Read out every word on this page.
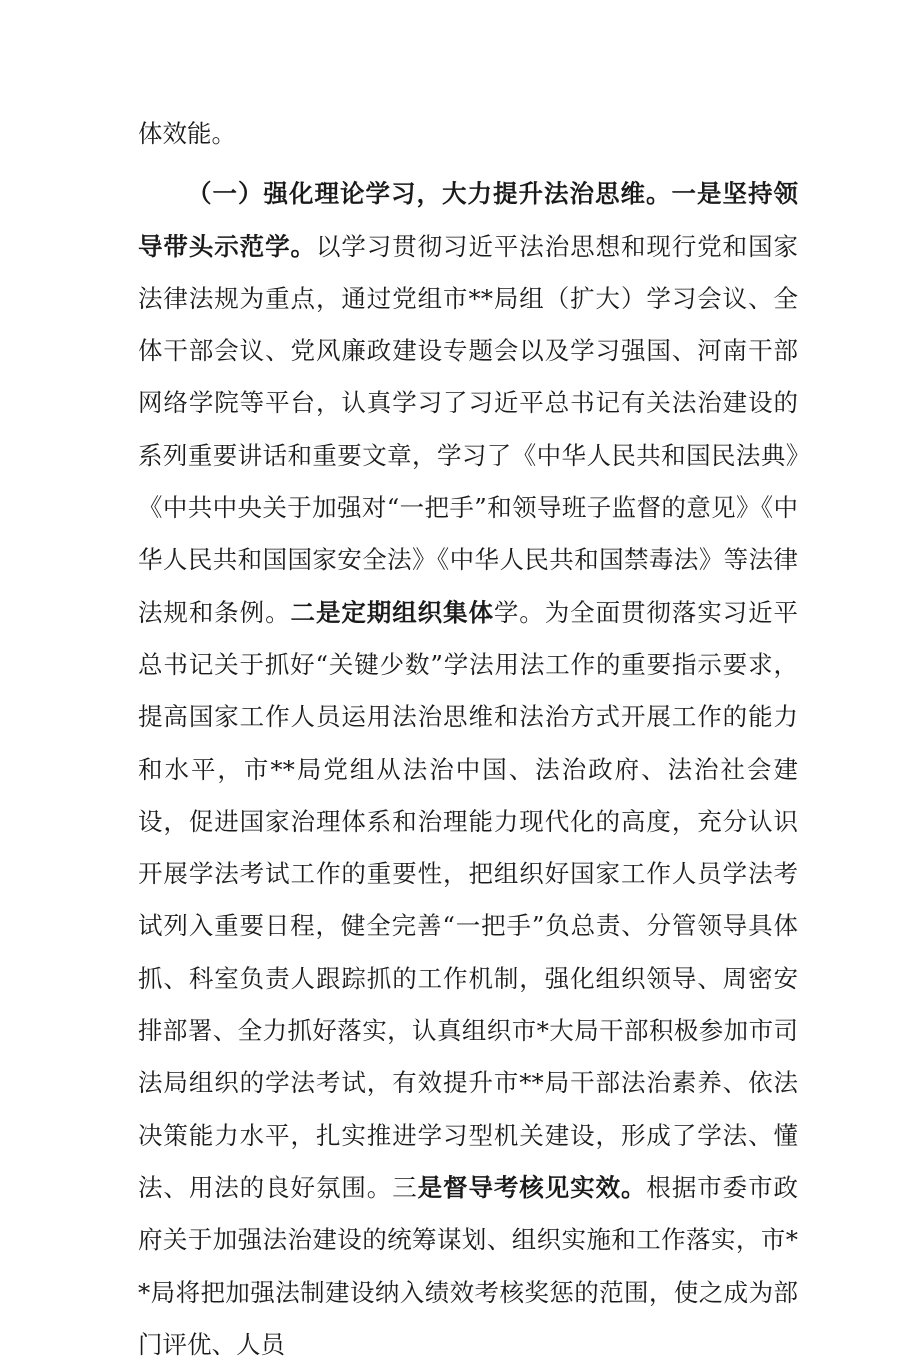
体效能。

（一）强化理论学习，大力提升法治思维。一是坚持领导带头示范学。以学习贯彻习近平法治思想和现行党和国家法律法规为重点，通过党组市**局组（扩大）学习会议、全体干部会议、党风廉政建设专题会以及学习强国、河南干部网络学院等平台，认真学习了习近平总书记有关法治建设的系列重要讲话和重要文章，学习了《中华人民共和国民法典》《中共中央关于加强对“一把手”和领导班子监督的意见》《中华人民共和国国家安全法》《中华人民共和国禁毒法》等法律法规和条例。二是定期组织集体学。为全面贯彻落实习近平总书记关于抓好“关键少数”学法用法工作的重要指示要求，提高国家工作人员运用法治思维和法治方式开展工作的能力和水平，市**局党组从法治中国、法治政府、法治社会建设，促进国家治理体系和治理能力现代化的高度，充分认识开展学法考试工作的重要性，把组织好国家工作人员学法考试列入重要日程，健全完善“一把手”负总责、分管领导具体抓、科室负责人跟踪抓的工作机制，强化组织领导、周密安排部署、全力抓好落实，认真组织市*大局干部积极参加市司法局组织的学法考试，有效提升市**局干部法治素养、依法决策能力水平，扎实推进学习型机关建设，形成了学法、懂法、用法的良好氛围。三是督导考核见实效。根据市委市政府关于加强法治建设的统筹谋划、组织实施和工作落实，市**局将把加强法制建设纳入绩效考核奖惩的范围，使之成为部门评优、人员
